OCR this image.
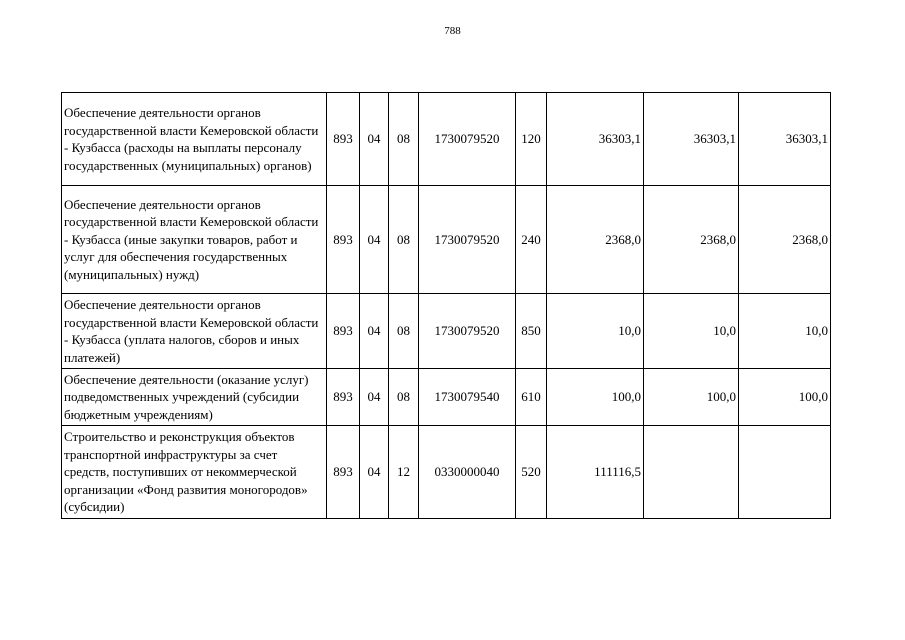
788
Обеспечение деятельности органов государственной власти Кемеровской области - Кузбасса (расходы на выплаты персоналу государственных (муниципальных) органов)	893	04	08	1730079520	120	36303,1	36303,1	36303,1
Обеспечение деятельности органов государственной власти Кемеровской области - Кузбасса (иные закупки товаров, работ и услуг для обеспечения государственных (муниципальных) нужд)	893	04	08	1730079520	240	2368,0	2368,0	2368,0
Обеспечение деятельности органов государственной власти Кемеровской области - Кузбасса (уплата налогов, сборов и иных платежей)	893	04	08	1730079520	850	10,0	10,0	10,0
Обеспечение деятельности (оказание услуг) подведомственных учреждений (субсидии бюджетным учреждениям)	893	04	08	1730079540	610	100,0	100,0	100,0
Строительство и реконструкция объектов транспортной инфраструктуры за счет средств, поступивших от некоммерческой организации «Фонд развития моногородов» (субсидии)	893	04	12	0330000040	520	111116,5		
